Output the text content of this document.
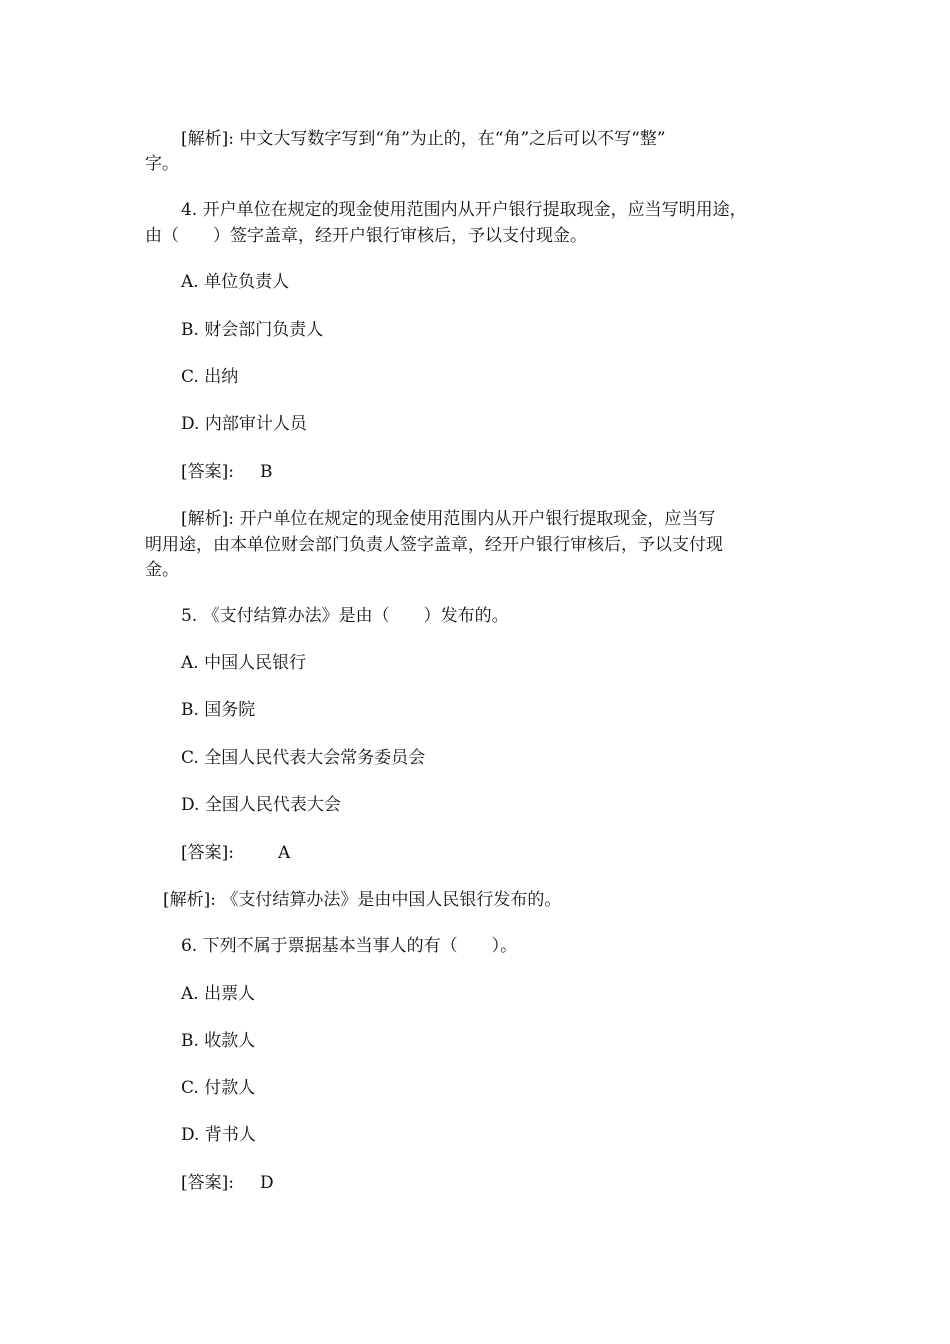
[解析]: 中文大写数字写到“角”为止的，在“角”之后可以不写“整”
字。
4. 开户单位在规定的现金使用范围内从开户银行提取现金，应当写明用途，
由（　　）签字盖章，经开户银行审核后，予以支付现金。
A. 单位负责人
B. 财会部门负责人
C. 出纳
D. 内部审计人员
[答案]: B
[解析]: 开户单位在规定的现金使用范围内从开户银行提取现金，应当写
明用途，由本单位财会部门负责人签字盖章，经开户银行审核后，予以支付现
金。
5. 《支付结算办法》是由（　　）发布的。
A. 中国人民银行
B. 国务院
C. 全国人民代表大会常务委员会
D. 全国人民代表大会
[答案]:	A
[解析]: 《支付结算办法》是由中国人民银行发布的。
6. 下列不属于票据基本当事人的有（　　）。
A. 出票人
B. 收款人
C. 付款人
D. 背书人
[答案]: D
